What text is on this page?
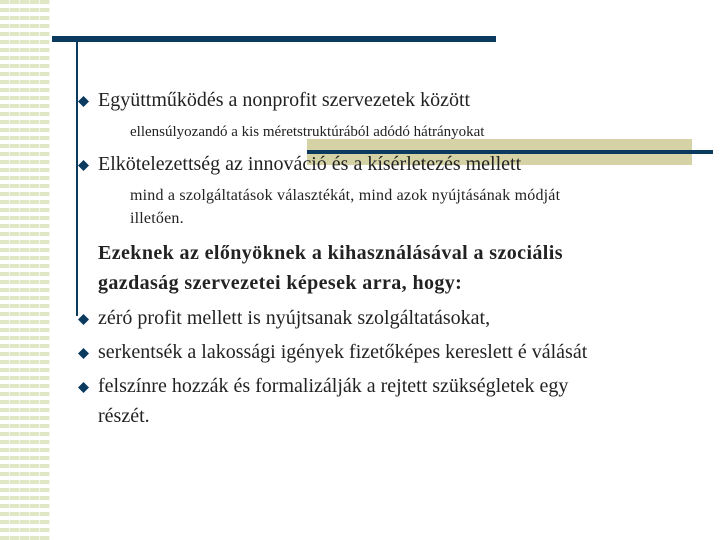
Együttműködés a nonprofit szervezetek között
ellensúlyozandó a kis méretstruktúrából adódó hátrányokat
Elkötelezettség az innováció és a kísérletezés mellett
mind a szolgáltatások választékát, mind azok nyújtásának módját
illetően.
Ezeknek az előnyöknek a kihasználásával a szociális
gazdaság szervezetei képesek arra, hogy:
zéró profit mellett is nyújtsanak szolgáltatásokat,
serkentsék a lakossági igények fizetőképes kereslett é válását
felszínre hozzák és formalizálják a rejtett szükségletek egy
részét.
